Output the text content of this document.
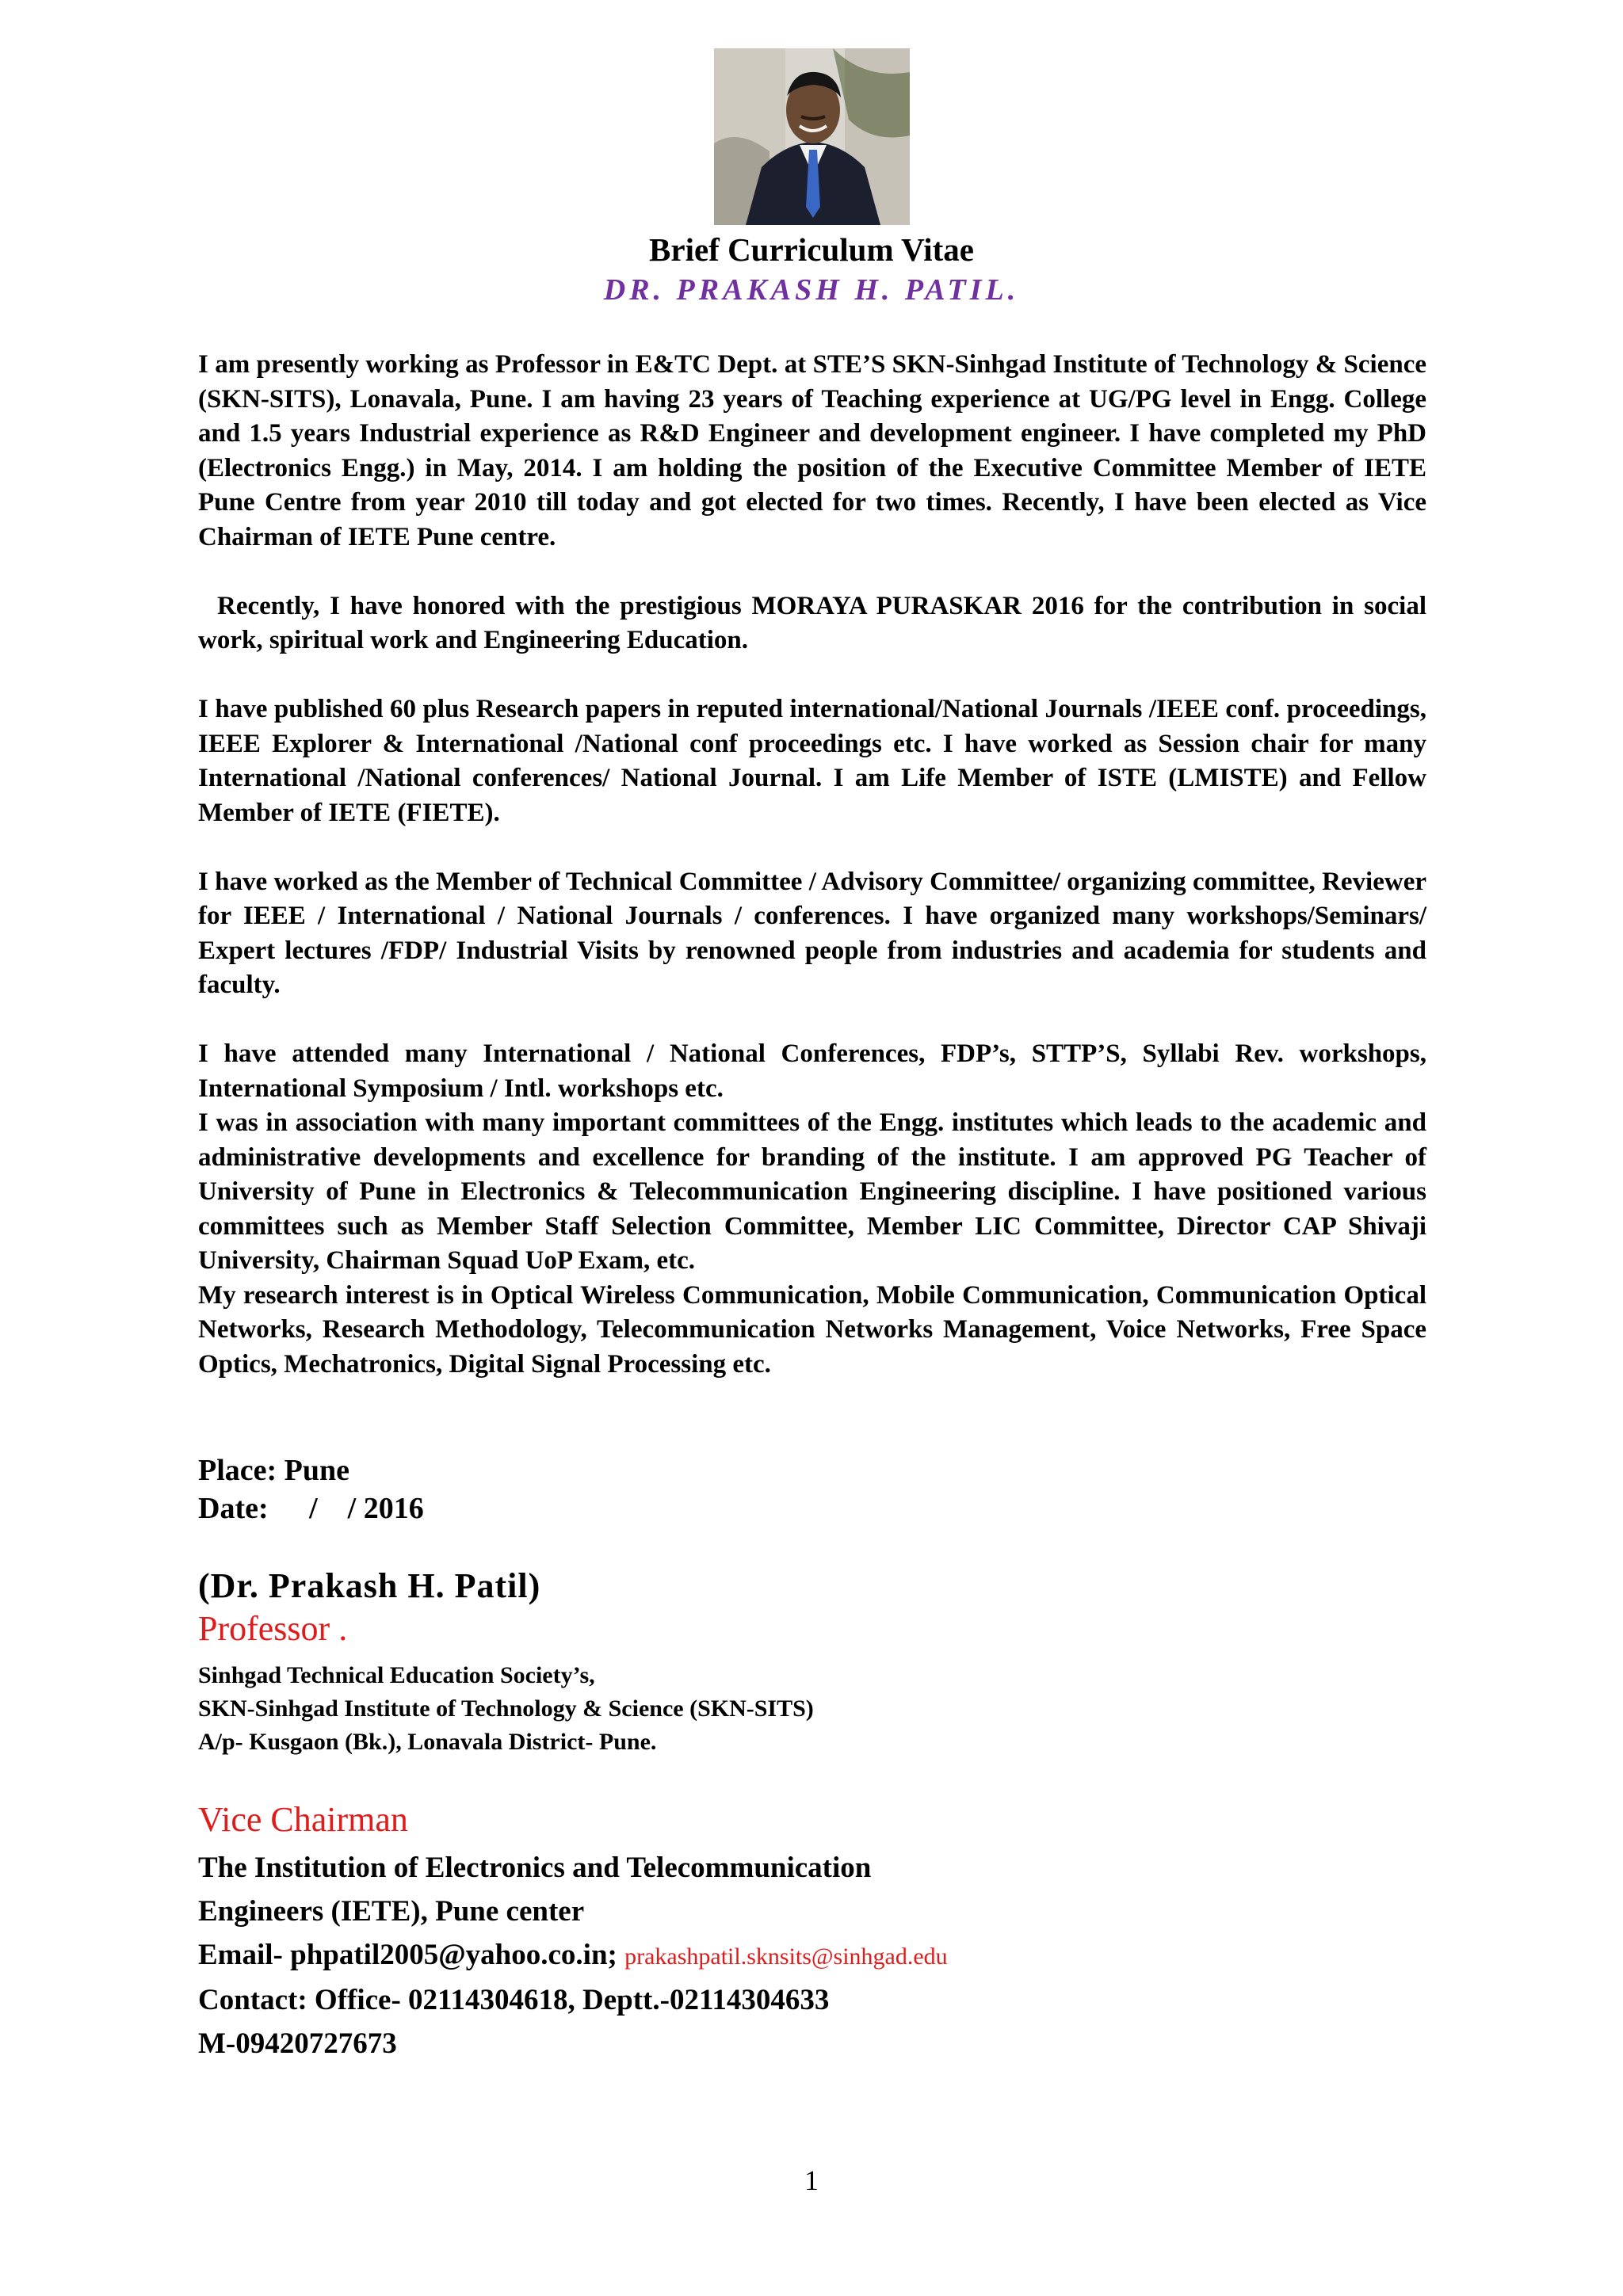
Brief Curriculum Vitae
DR. PRAKASH H. PATIL.

I am presently working as Professor in E&TC Dept. at STE’S SKN-Sinhgad Institute of Technology & Science (SKN-SITS), Lonavala, Pune. I am having 23 years of Teaching experience at UG/PG level in Engg. College and 1.5 years Industrial experience as R&D Engineer and development engineer. I have completed my PhD (Electronics Engg.) in May, 2014. I am holding the position of the Executive Committee Member of IETE Pune Centre from year 2010 till today and got elected for two times. Recently, I have been elected as Vice Chairman of IETE Pune centre.

Recently, I have honored with the prestigious MORAYA PURASKAR 2016 for the contribution in social work, spiritual work and Engineering Education.

I have published 60 plus Research papers in reputed international/National Journals /IEEE conf. proceedings, IEEE Explorer & International /National conf proceedings etc. I have worked as Session chair for many International /National conferences/ National Journal. I am Life Member of ISTE (LMISTE) and Fellow Member of IETE (FIETE).

I have worked as the Member of Technical Committee / Advisory Committee/ organizing committee, Reviewer for IEEE / International / National Journals / conferences. I have organized many workshops/Seminars/ Expert lectures /FDP/ Industrial Visits by renowned people from industries and academia for students and faculty.

I have attended many International / National Conferences, FDP’s, STTP’S, Syllabi Rev. workshops, International Symposium / Intl. workshops etc.

I was in association with many important committees of the Engg. institutes which leads to the academic and administrative developments and excellence for branding of the institute. I am approved PG Teacher of University of Pune in Electronics & Telecommunication Engineering discipline. I have positioned various committees such as Member Staff Selection Committee, Member LIC Committee, Director CAP Shivaji University, Chairman Squad UoP Exam, etc.

My research interest is in Optical Wireless Communication, Mobile Communication, Communication Optical Networks, Research Methodology, Telecommunication Networks Management, Voice Networks, Free Space Optics, Mechatronics, Digital Signal Processing etc.

Place: Pune
Date: /    / 2016
(Dr. Prakash H. Patil)
Professor .
Sinhgad Technical Education Society’s,
SKN-Sinhgad Institute of Technology & Science (SKN-SITS)
A/p- Kusgaon (Bk.), Lonavala District- Pune.
Vice Chairman
The Institution of Electronics and Telecommunication
Engineers (IETE), Pune center
Email- phpatil2005@yahoo.co.in; prakashpatil.sknsits@sinhgad.edu
Contact: Office- 02114304618, Deptt.-02114304633
M-09420727673
1
